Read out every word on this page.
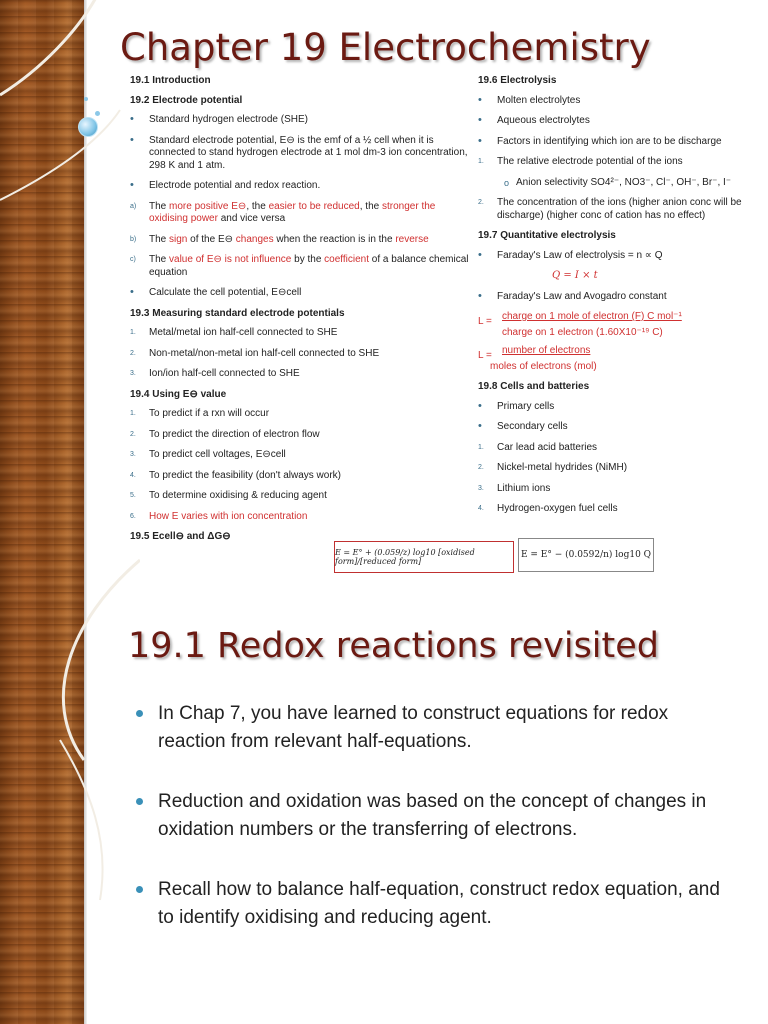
Chapter 19 Electrochemistry
19.1 Introduction
19.2 Electrode potential
• Standard hydrogen electrode (SHE)
• Standard electrode potential, E⊖ is the emf of a ½ cell when it is connected to stand hydrogen electrode at 1 mol dm-3 ion concentration, 298 K and 1 atm.
• Electrode potential and redox reaction.
a) The more positive E⊖, the easier to be reduced, the stronger the oxidising power and vice versa
b) The sign of the E⊖ changes when the reaction is in the reverse
c) The value of E⊖ is not influence by the coefficient of a balance chemical equation
• Calculate the cell potential, E⊖cell
19.3 Measuring standard electrode potentials
1. Metal/metal ion half-cell connected to SHE
2. Non-metal/non-metal ion half-cell connected to SHE
3. Ion/ion half-cell connected to SHE
19.4 Using E⊖ value
1. To predict if a rxn will occur
2. To predict the direction of electron flow
3. To predict cell voltages, E⊖cell
4. To predict the feasibility (don't always work)
5. To determine oxidising & reducing agent
6. How E varies with ion concentration
19.5 Ecell⊖ and ΔG⊖
19.6 Electrolysis
• Molten electrolytes
• Aqueous electrolytes
• Factors in identifying which ion are to be discharge
1. The relative electrode potential of the ions
o Anion selectivity SO4²⁻, NO3⁻, Cl⁻, OH⁻, Br⁻, I⁻
2. The concentration of the ions (higher anion conc will be discharge) (higher conc of cation has no effect)
19.7 Quantitative electrolysis
• Faraday's Law of electrolysis = n ∝ Q
Q = I × t
• Faraday's Law and Avogadro constant
L =	charge on 1 mole of electron (F) C mol⁻¹
charge on 1 electron (1.60X10⁻¹⁹ C)
L =	number of electrons
moles of electrons (mol)
19.8 Cells and batteries
• Primary cells
• Secondary cells
1. Car lead acid batteries
2. Nickel-metal hydrides (NiMH)
3. Lithium ions
4. Hydrogen-oxygen fuel cells
E = E° + (0.059/z) log10 [oxidised form]/[reduced form]
E = E° − (0.0592/n) log10 Q
19.1 Redox reactions revisited
In Chap 7, you have learned to construct equations for redox reaction from relevant half-equations.
Reduction and oxidation was based on the concept of changes in oxidation numbers or the transferring of electrons.
Recall how to balance half-equation, construct redox equation, and to identify oxidising and reducing agent.
